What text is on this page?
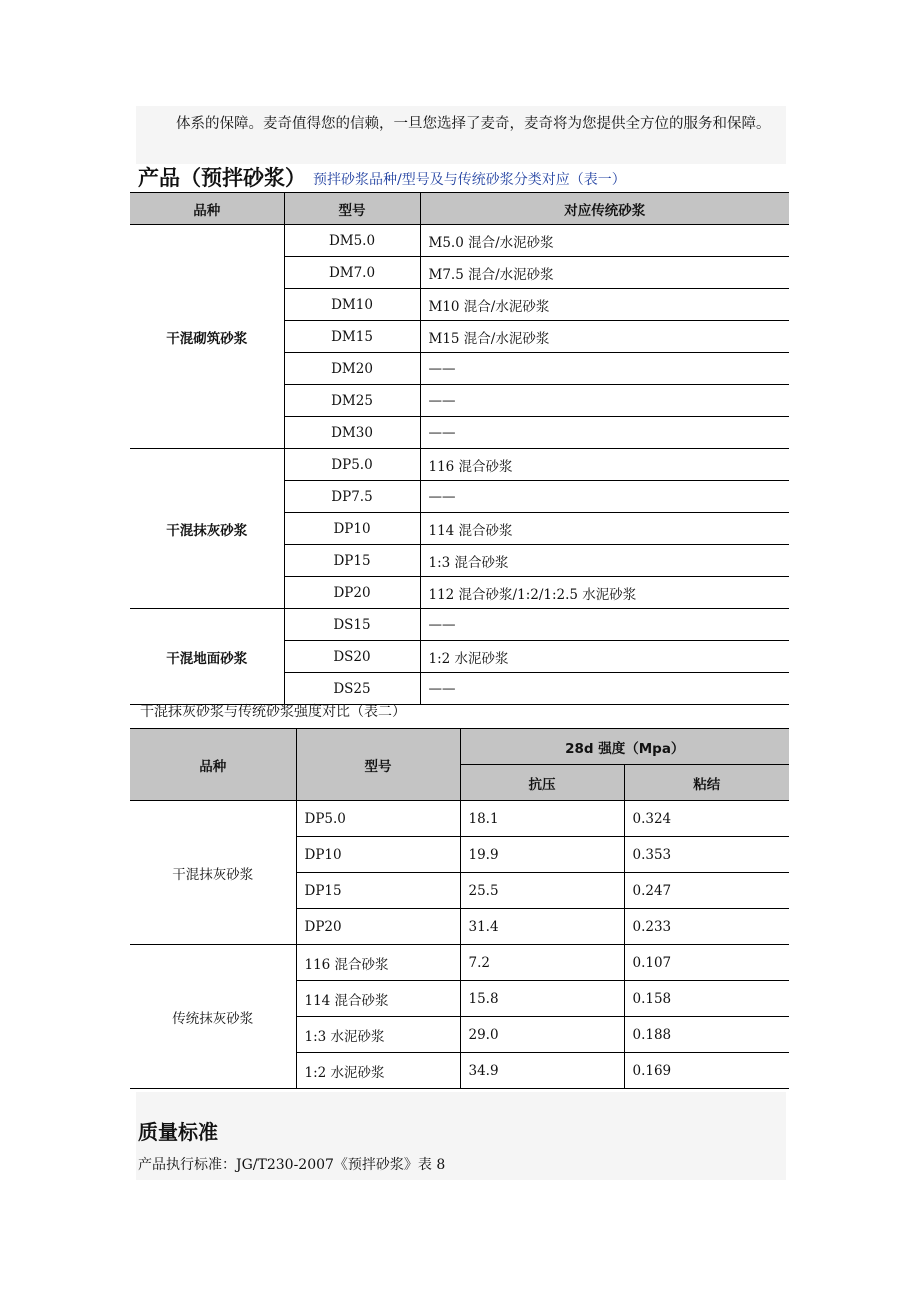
体系的保障。麦奇值得您的信赖，一旦您选择了麦奇，麦奇将为您提供全方位的服务和保障。
产品（预拌砂浆） 预拌砂浆品种/型号及与传统砂浆分类对应（表一）
品种	型号	对应传统砂浆
干混砌筑砂浆	DM5.0	M5.0 混合/水泥砂浆
	DM7.0	M7.5 混合/水泥砂浆
	DM10	M10 混合/水泥砂浆
	DM15	M15 混合/水泥砂浆
	DM20	——
	DM25	——
	DM30	——
干混抹灰砂浆	DP5.0	116 混合砂浆
	DP7.5	——
	DP10	114 混合砂浆
	DP15	1:3 混合砂浆
	DP20	112 混合砂浆/1:2/1:2.5 水泥砂浆
干混地面砂浆	DS15	——
	DS20	1:2 水泥砂浆
	DS25	——
干混抹灰砂浆与传统砂浆强度对比（表二）
品种	型号	28d 强度（Mpa）	
		抗压	粘结
干混抹灰砂浆	DP5.0	18.1	0.324
	DP10	19.9	0.353
	DP15	25.5	0.247
	DP20	31.4	0.233
传统抹灰砂浆	116 混合砂浆	7.2	0.107
	114 混合砂浆	15.8	0.158
	1:3 水泥砂浆	29.0	0.188
	1:2 水泥砂浆	34.9	0.169
质量标准
产品执行标准：JG/T230-2007《预拌砂浆》表 8
